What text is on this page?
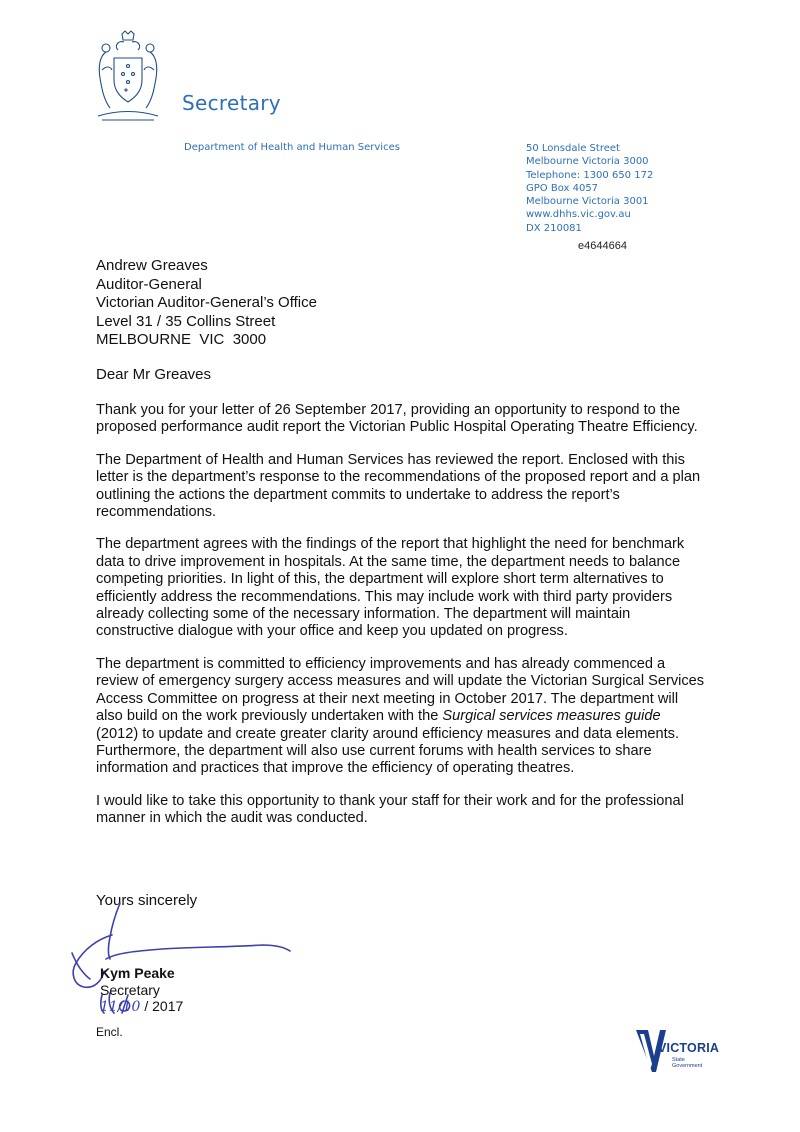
Secretary
Department of Health and Human Services	50 Lonsdale Street
Melbourne Victoria 3000
Telephone: 1300 650 172
GPO Box 4057
Melbourne Victoria 3001
www.dhhs.vic.gov.au
DX 210081
e4644664
Andrew Greaves
Auditor-General
Victorian Auditor-General’s Office
Level 31 / 35 Collins Street
MELBOURNE  VIC  3000
Dear Mr Greaves

Thank you for your letter of 26 September 2017, providing an opportunity to respond to the proposed performance audit report the Victorian Public Hospital Operating Theatre Efficiency.

The Department of Health and Human Services has reviewed the report. Enclosed with this letter is the department’s response to the recommendations of the proposed report and a plan outlining the actions the department commits to undertake to address the report’s recommendations.

The department agrees with the findings of the report that highlight the need for benchmark data to drive improvement in hospitals. At the same time, the department needs to balance competing priorities. In light of this, the department will explore short term alternatives to efficiently address the recommendations. This may include work with third party providers already collecting some of the necessary information. The department will maintain constructive dialogue with your office and keep you updated on progress.

The department is committed to efficiency improvements and has already commenced a review of emergency surgery access measures and will update the Victorian Surgical Services Access Committee on progress at their next meeting in October 2017. The department will also build on the work previously undertaken with the Surgical services measures guide (2012) to update and create greater clarity around efficiency measures and data elements. Furthermore, the department will also use current forums with health services to share information and practices that improve the efficiency of operating theatres.

I would like to take this opportunity to thank your staff for their work and for the professional manner in which the audit was conducted.

Yours sincerely
Kym Peake
Secretary
11/10 / 2017
Encl.
VICTORIA
State
Government
